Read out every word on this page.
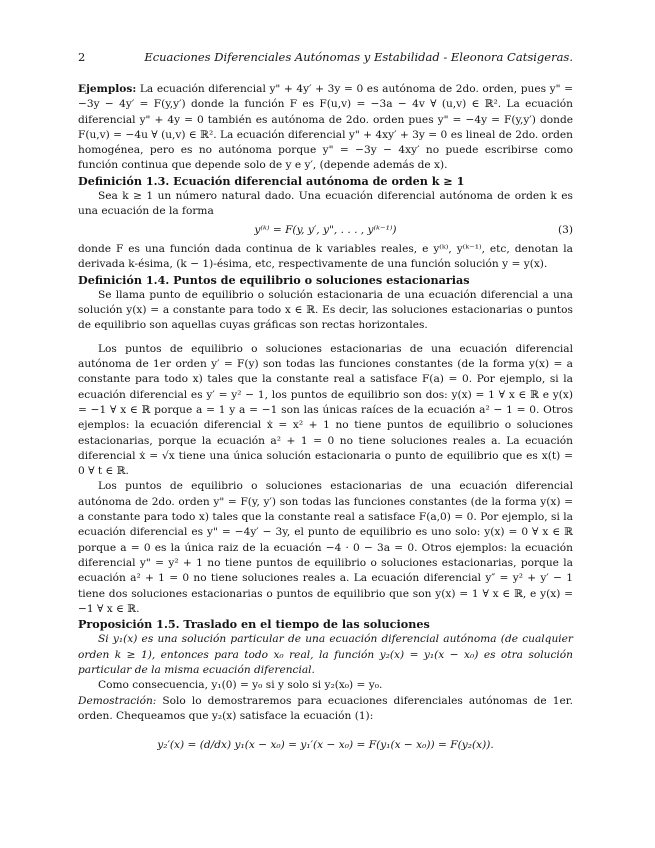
2	Ecuaciones Diferenciales Autónomas y Estabilidad - Eleonora Catsigeras.

Ejemplos: La ecuación diferencial y" + 4y′ + 3y = 0 es autónoma de 2do. orden, pues y" = −3y − 4y′ = F(y,y′) donde la función F es F(u,v) = −3a − 4v ∀ (u,v) ∈ ℝ². La ecuación diferencial y" + 4y = 0 también es autónoma de 2do. orden pues y" = −4y = F(y,y′) donde F(u,v) = −4u ∀ (u,v) ∈ ℝ². La ecuación diferencial y" + 4xy′ + 3y = 0 es lineal de 2do. orden homogénea, pero es no autónoma porque y" = −3y − 4xy′ no puede escribirse como función continua que depende solo de y e y′, (depende además de x).

Definición 1.3. Ecuación diferencial autónoma de orden k ≥ 1

Sea k ≥ 1 un número natural dado. Una ecuación diferencial autónoma de orden k es una ecuación de la forma

y⁽ᵏ⁾ = F(y, y′, y", . . . , y⁽ᵏ⁻¹⁾)	(3)

donde F es una función dada continua de k variables reales, e y⁽ᵏ⁾, y⁽ᵏ⁻¹⁾, etc, denotan la derivada k-ésima, (k − 1)-ésima, etc, respectivamente de una función solución y = y(x).

Definición 1.4. Puntos de equilibrio o soluciones estacionarias

Se llama punto de equilibrio o solución estacionaria de una ecuación diferencial a una solución y(x) = a constante para todo x ∈ ℝ. Es decir, las soluciones estacionarias o puntos de equilibrio son aquellas cuyas gráficas son rectas horizontales.

Los puntos de equilibrio o soluciones estacionarias de una ecuación diferencial autónoma de 1er orden y′ = F(y) son todas las funciones constantes (de la forma y(x) = a constante para todo x) tales que la constante real a satisface F(a) = 0. Por ejemplo, si la ecuación diferencial es y′ = y² − 1, los puntos de equilibrio son dos: y(x) = 1 ∀ x ∈ ℝ e y(x) = −1 ∀ x ∈ ℝ porque a = 1 y a = −1 son las únicas raíces de la ecuación a² − 1 = 0. Otros ejemplos: la ecuación diferencial ẋ = x² + 1 no tiene puntos de equilibrio o soluciones estacionarias, porque la ecuación a² + 1 = 0 no tiene soluciones reales a. La ecuación diferencial ẋ = √x tiene una única solución estacionaria o punto de equilibrio que es x(t) = 0 ∀ t ∈ ℝ.

Los puntos de equilibrio o soluciones estacionarias de una ecuación diferencial autónoma de 2do. orden y" = F(y, y′) son todas las funciones constantes (de la forma y(x) = a constante para todo x) tales que la constante real a satisface F(a,0) = 0. Por ejemplo, si la ecuación diferencial es y" = −4y′ − 3y, el punto de equilibrio es uno solo: y(x) = 0 ∀ x ∈ ℝ porque a = 0 es la única raiz de la ecuación −4 · 0 − 3a = 0. Otros ejemplos: la ecuación diferencial y" = y² + 1 no tiene puntos de equilibrio o soluciones estacionarias, porque la ecuación a² + 1 = 0 no tiene soluciones reales a. La ecuación diferencial y″ = y² + y′ − 1 tiene dos soluciones estacionarias o puntos de equilibrio que son y(x) = 1 ∀ x ∈ ℝ, e y(x) = −1 ∀ x ∈ ℝ.

Proposición 1.5. Traslado en el tiempo de las soluciones

Si y₁(x) es una solución particular de una ecuación diferencial autónoma (de cualquier orden k ≥ 1), entonces para todo x₀ real, la función y₂(x) = y₁(x − x₀) es otra solución particular de la misma ecuación diferencial.

Como consecuencia, y₁(0) = y₀ si y solo si y₂(x₀) = y₀.

Demostración: Solo lo demostraremos para ecuaciones diferenciales autónomas de 1er. orden. Chequeamos que y₂(x) satisface la ecuación (1):

y₂′(x) = (d/dx) y₁(x − x₀) = y₁′(x − x₀) = F(y₁(x − x₀)) = F(y₂(x)).
